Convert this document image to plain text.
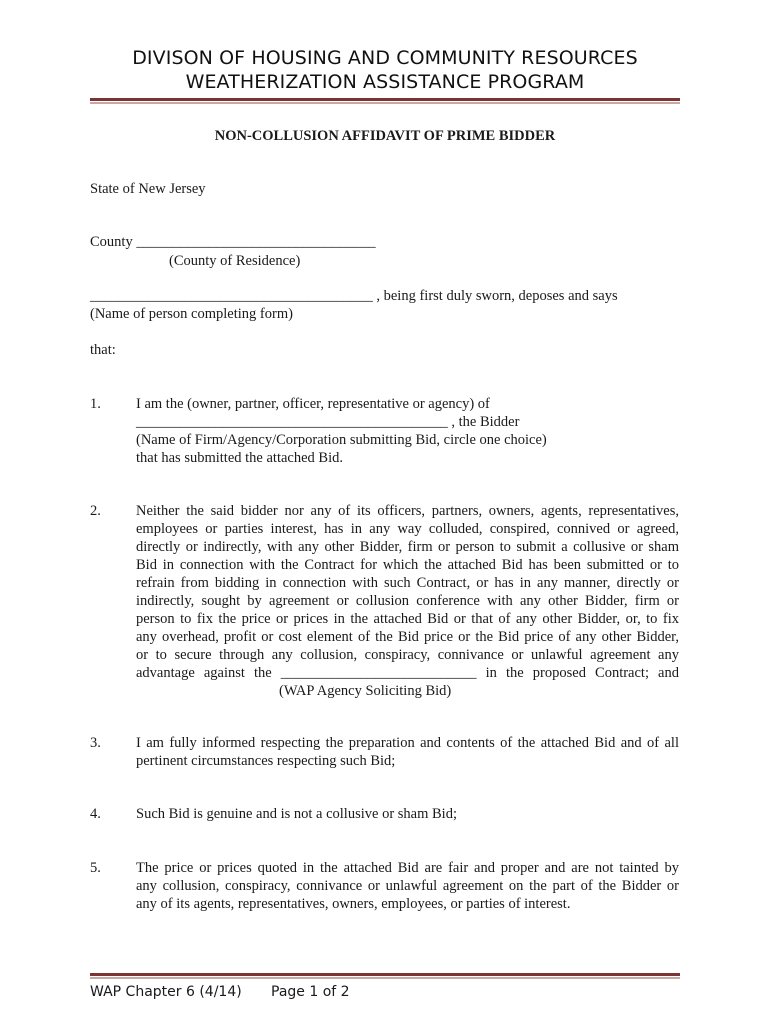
DIVISON OF HOUSING AND COMMUNITY RESOURCES
WEATHERIZATION ASSISTANCE PROGRAM
NON-COLLUSION AFFIDAVIT OF PRIME BIDDER
State of New Jersey
County _________________________________
(County of Residence)
_______________________________________ , being first duly sworn, deposes and says
(Name of person completing form)
that:
1. I am the (owner, partner, officer, representative or agency) of
___________________________________________ , the Bidder
(Name of Firm/Agency/Corporation submitting Bid, circle one choice)
that has submitted the attached Bid.
2. Neither the said bidder nor any of its officers, partners, owners, agents, representatives,
employees or parties interest, has in any way colluded, conspired, connived or agreed,
directly or indirectly, with any other Bidder, firm or person to submit a collusive or sham
Bid in connection with the Contract for which the attached Bid has been submitted or to
refrain from bidding in connection with such Contract, or has in any manner, directly or
indirectly, sought by agreement or collusion conference with any other Bidder, firm or
person to fix the price or prices in the attached Bid or that of any other Bidder, or, to fix
any overhead, profit or cost element of the Bid price or the Bid price of any other Bidder,
or to secure through any collusion, conspiracy, connivance or unlawful agreement any
advantage against the ___________________________ in the proposed Contract; and
(WAP Agency Soliciting Bid)
3. I am fully informed respecting the preparation and contents of the attached Bid and of all
pertinent circumstances respecting such Bid;
4. Such Bid is genuine and is not a collusive or sham Bid;
5. The price or prices quoted in the attached Bid are fair and proper and are not tainted by
any collusion, conspiracy, connivance or unlawful agreement on the part of the Bidder or
any of its agents, representatives, owners, employees, or parties of interest.
WAP Chapter 6 (4/14) Page 1 of 2
